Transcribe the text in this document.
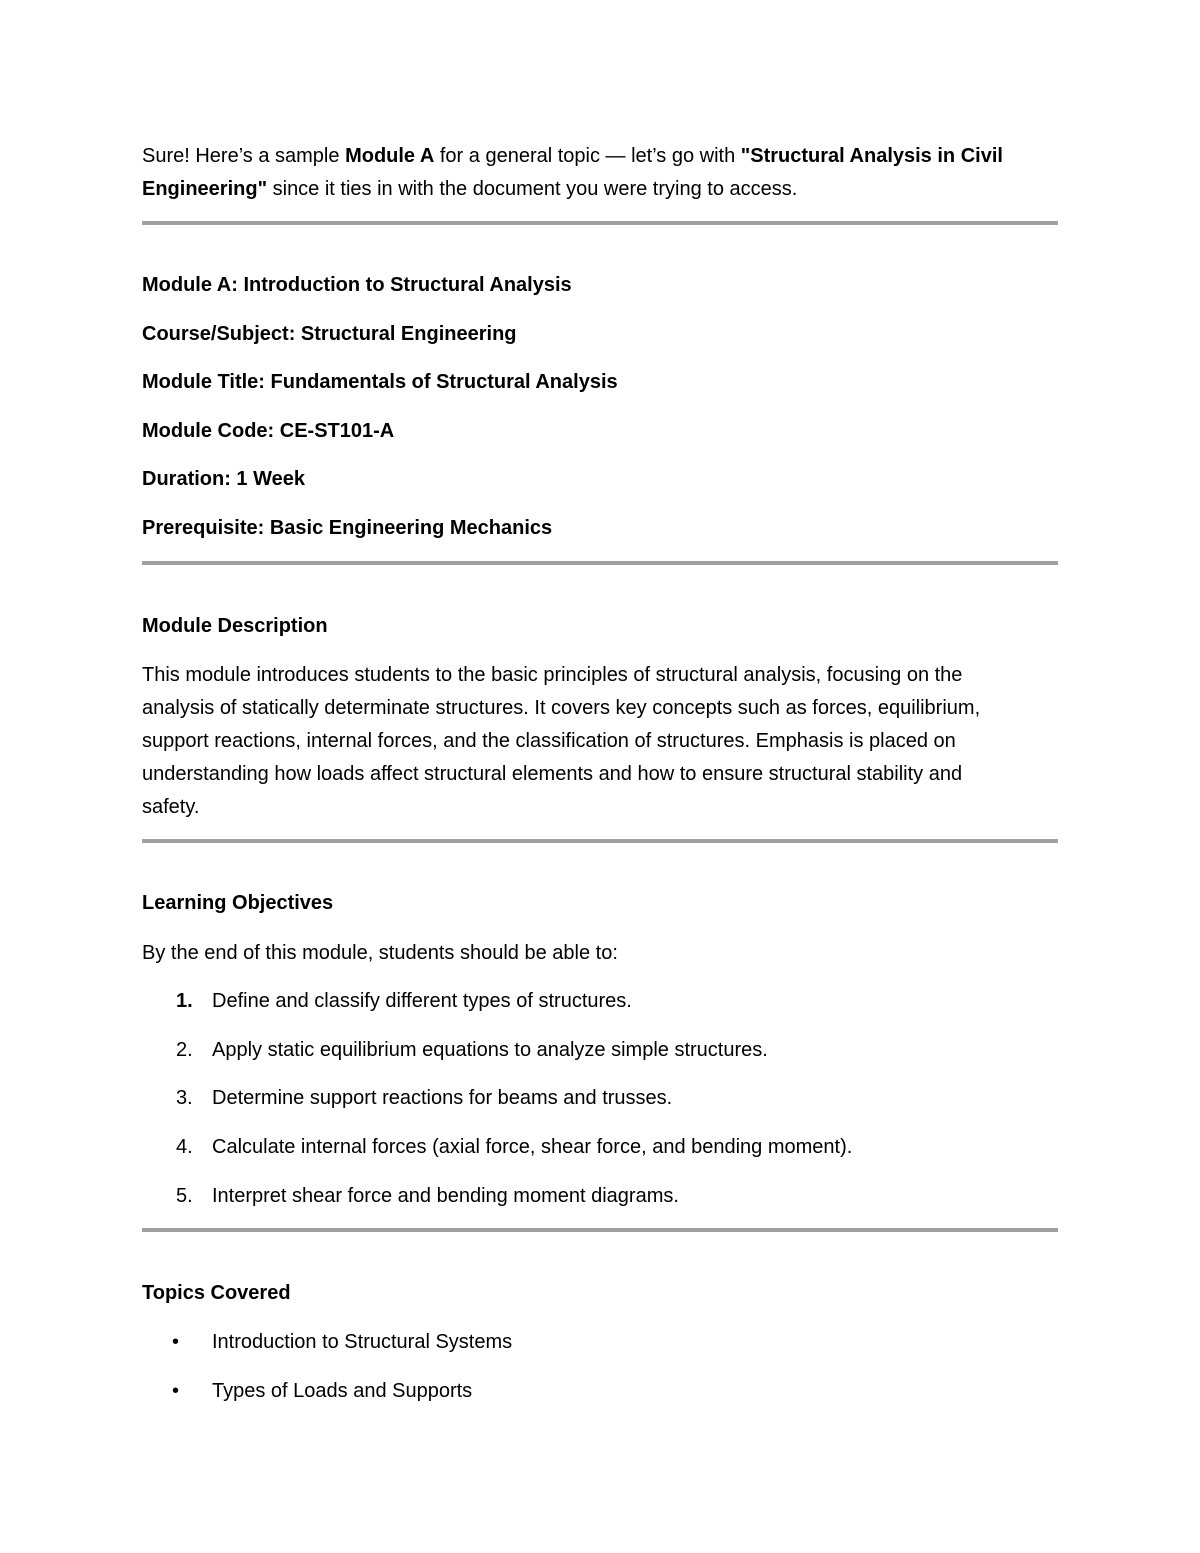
Sure! Here’s a sample Module A for a general topic — let’s go with "Structural Analysis in Civil
Engineering" since it ties in with the document you were trying to access.
Module A: Introduction to Structural Analysis
Course/Subject: Structural Engineering
Module Title: Fundamentals of Structural Analysis
Module Code: CE-ST101-A
Duration: 1 Week
Prerequisite: Basic Engineering Mechanics
Module Description
This module introduces students to the basic principles of structural analysis, focusing on the
analysis of statically determinate structures. It covers key concepts such as forces, equilibrium,
support reactions, internal forces, and the classification of structures. Emphasis is placed on
understanding how loads affect structural elements and how to ensure structural stability and
safety.
Learning Objectives
By the end of this module, students should be able to:
1. Define and classify different types of structures.
2. Apply static equilibrium equations to analyze simple structures.
3. Determine support reactions for beams and trusses.
4. Calculate internal forces (axial force, shear force, and bending moment).
5. Interpret shear force and bending moment diagrams.
Topics Covered
• Introduction to Structural Systems
• Types of Loads and Supports
